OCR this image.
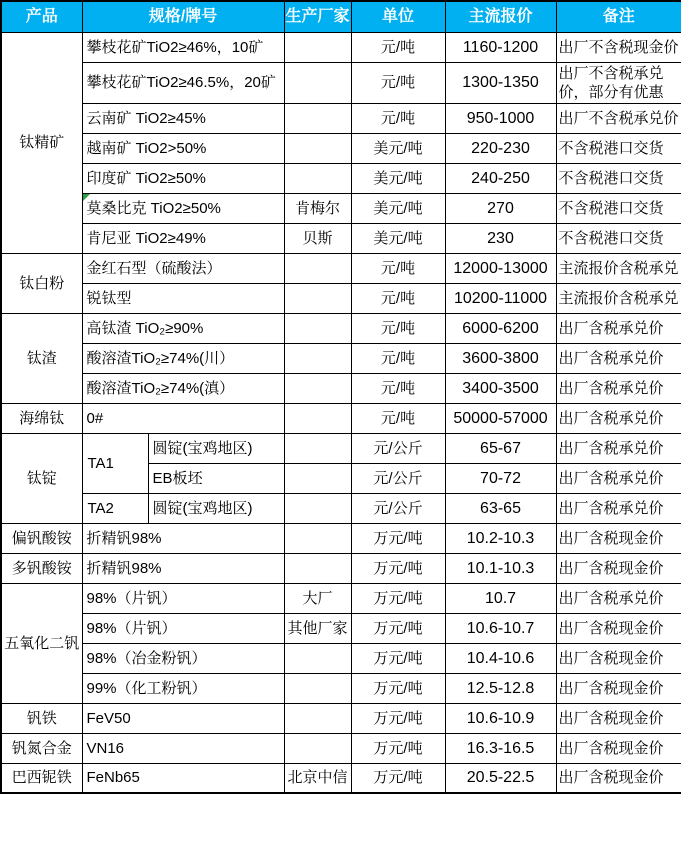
产品	规格/牌号		生产厂家	单位	主流报价	备注
钛精矿	攀枝花矿TiO2≥46%，10矿			元/吨	1160-1200	出厂不含税现金价
	攀枝花矿TiO2≥46.5%，20矿			元/吨	1300-1350	出厂不含税承兑价，部分有优惠
	云南矿 TiO2≥45%			元/吨	950-1000	出厂不含税承兑价
	越南矿 TiO2>50%			美元/吨	220-230	不含税港口交货
	印度矿 TiO2≥50%			美元/吨	240-250	不含税港口交货
	莫桑比克 TiO2≥50%		肯梅尔	美元/吨	270	不含税港口交货
	肯尼亚 TiO2≥49%		贝斯	美元/吨	230	不含税港口交货
钛白粉	金红石型（硫酸法）			元/吨	12000-13000	主流报价含税承兑
	锐钛型			元/吨	10200-11000	主流报价含税承兑
钛渣	高钛渣 TiO₂≥90%			元/吨	6000-6200	出厂含税承兑价
	酸溶渣TiO₂≥74%(川）			元/吨	3600-3800	出厂含税承兑价
	酸溶渣TiO₂≥74%(滇）			元/吨	3400-3500	出厂含税承兑价
海绵钛	0#			元/吨	50000-57000	出厂含税承兑价
钛锭	TA1	圆锭(宝鸡地区)		元/公斤	65-67	出厂含税承兑价
		EB板坯		元/公斤	70-72	出厂含税承兑价
	TA2	圆锭(宝鸡地区)		元/公斤	63-65	出厂含税承兑价
偏钒酸铵	折精钒98%			万元/吨	10.2-10.3	出厂含税现金价
多钒酸铵	折精钒98%			万元/吨	10.1-10.3	出厂含税现金价
五氧化二钒	98%（片钒）		大厂	万元/吨	10.7	出厂含税承兑价
	98%（片钒）		其他厂家	万元/吨	10.6-10.7	出厂含税现金价
	98%（冶金粉钒）			万元/吨	10.4-10.6	出厂含税现金价
	99%（化工粉钒）			万元/吨	12.5-12.8	出厂含税现金价
钒铁	FeV50			万元/吨	10.6-10.9	出厂含税现金价
钒氮合金	VN16			万元/吨	16.3-16.5	出厂含税现金价
巴西铌铁	FeNb65		北京中信	万元/吨	20.5-22.5	出厂含税现金价
